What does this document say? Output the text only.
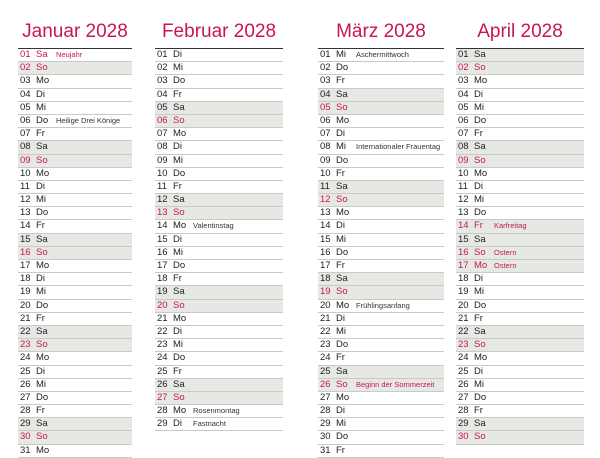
Januar 2028
01 Sa	Neujahr
02 So
03 Mo
04 Di
05 Mi
06 Do	Heilige Drei Könige
07 Fr
08 Sa
09 So
10 Mo
11 Di
12 Mi
13 Do
14 Fr
15 Sa
16 So
17 Mo
18 Di
19 Mi
20 Do
21 Fr
22 Sa
23 So
24 Mo
25 Di
26 Mi
27 Do
28 Fr
29 Sa
30 So
31 Mo
Februar 2028
01 Di
02 Mi
03 Do
04 Fr
05 Sa
06 So
07 Mo
08 Di
09 Mi
10 Do
11 Fr
12 Sa
13 So
14 Mo Valentinstag
15 Di
16 Mi
17 Do
18 Fr
19 Sa
20 So
21 Mo
22 Di
23 Mi
24 Do
25 Fr
26 Sa
27 So
28 Mo Rosenmontag
29 Di	Fastnacht
März 2028
01 Mi	Aschermittwoch
02 Do
03 Fr
04 Sa
05 So
06 Mo
07 Di
08 Mi	Internationaler Frauentag
09 Do
10 Fr
11 Sa
12 So
13 Mo
14 Di
15 Mi
16 Do
17 Fr
18 Sa
19 So
20 Mo Frühlingsanfang
21 Di
22 Mi
23 Do
24 Fr
25 Sa
26 So	Beginn der Sommerzeit
27 Mo
28 Di
29 Mi
30 Do
31 Fr
April 2028
01 Sa
02 So
03 Mo
04 Di
05 Mi
06 Do
07 Fr
08 Sa
09 So
10 Mo
11 Di
12 Mi
13 Do
14 Fr	Karfreitag
15 Sa
16 So	Ostern
17 Mo Ostern
18 Di
19 Mi
20 Do
21 Fr
22 Sa
23 So
24 Mo
25 Di
26 Mi
27 Do
28 Fr
29 Sa
30 So
